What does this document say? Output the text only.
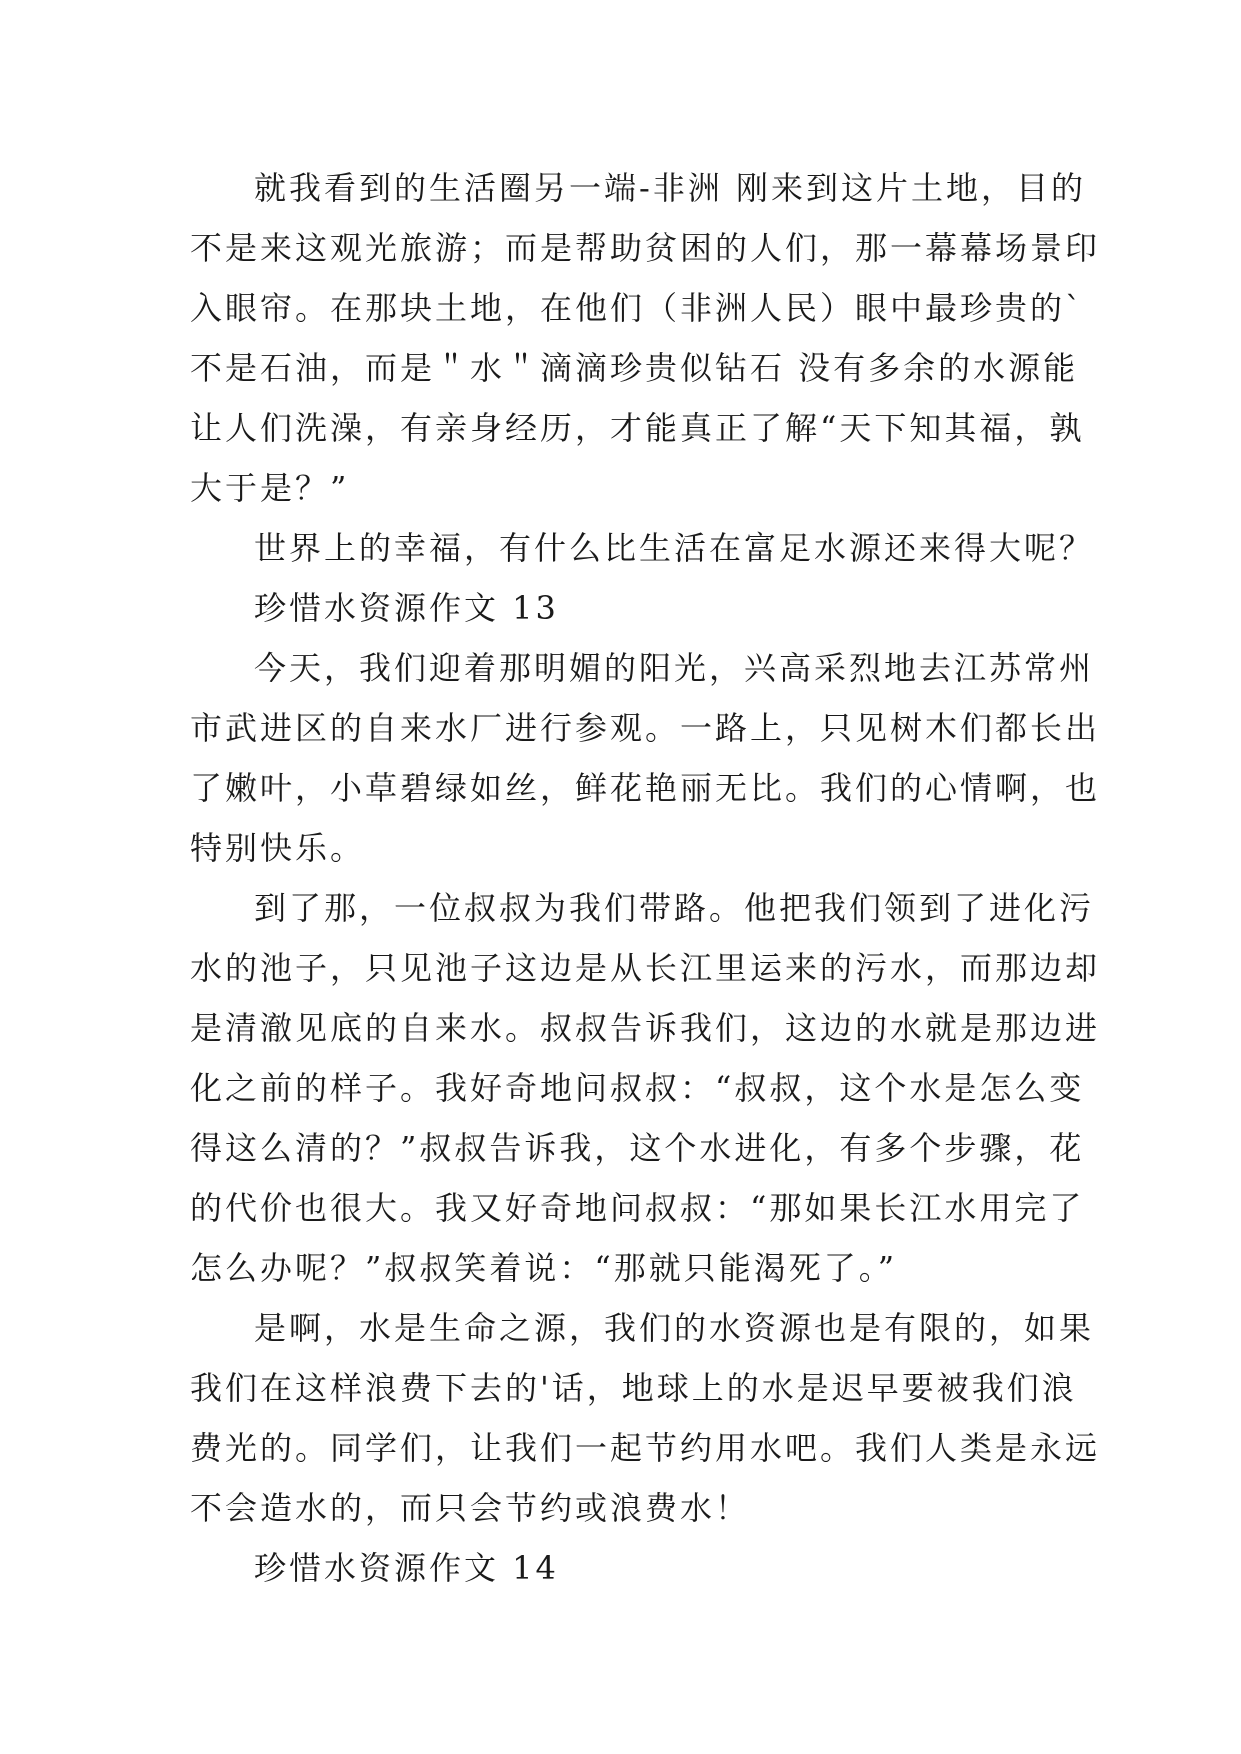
就我看到的生活圈另一端-非洲 刚来到这片土地，目的
不是来这观光旅游；而是帮助贫困的人们，那一幕幕场景印
入眼帘。在那块土地，在他们（非洲人民）眼中最珍贵的`
不是石油，而是＂水＂滴滴珍贵似钻石 没有多余的水源能
让人们洗澡，有亲身经历，才能真正了解“天下知其福，孰
大于是？”
世界上的幸福，有什么比生活在富足水源还来得大呢？
珍惜水资源作文 13
今天，我们迎着那明媚的阳光，兴高采烈地去江苏常州
市武进区的自来水厂进行参观。一路上，只见树木们都长出
了嫩叶，小草碧绿如丝，鲜花艳丽无比。我们的心情啊，也
特别快乐。
到了那，一位叔叔为我们带路。他把我们领到了进化污
水的池子，只见池子这边是从长江里运来的污水，而那边却
是清澈见底的自来水。叔叔告诉我们，这边的水就是那边进
化之前的样子。我好奇地问叔叔：“叔叔，这个水是怎么变
得这么清的？”叔叔告诉我，这个水进化，有多个步骤，花
的代价也很大。我又好奇地问叔叔：“那如果长江水用完了
怎么办呢？”叔叔笑着说：“那就只能渴死了。”
是啊，水是生命之源，我们的水资源也是有限的，如果
我们在这样浪费下去的'话，地球上的水是迟早要被我们浪
费光的。同学们，让我们一起节约用水吧。我们人类是永远
不会造水的，而只会节约或浪费水！
珍惜水资源作文 14
